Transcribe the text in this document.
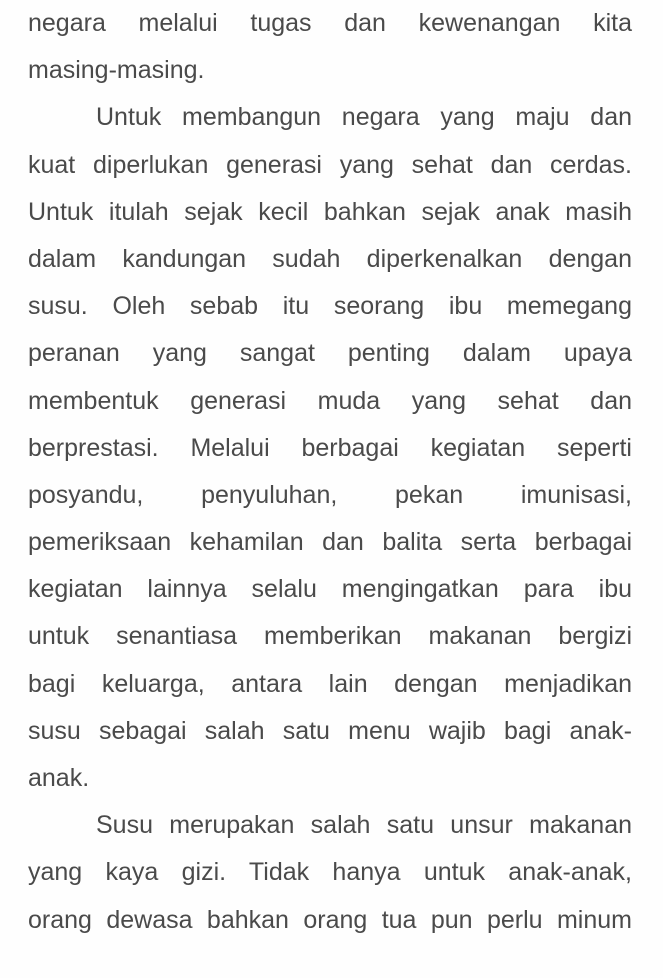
negara melalui tugas dan kewenangan kita
masing-masing.
Untuk membangun negara yang maju dan
kuat diperlukan generasi yang sehat dan cerdas.
Untuk itulah sejak kecil bahkan sejak anak masih
dalam kandungan sudah diperkenalkan dengan
susu. Oleh sebab itu seorang ibu memegang
peranan yang sangat penting dalam upaya
membentuk generasi muda yang sehat dan
berprestasi. Melalui berbagai kegiatan seperti
posyandu, penyuluhan, pekan imunisasi,
pemeriksaan kehamilan dan balita serta berbagai
kegiatan lainnya selalu mengingatkan para ibu
untuk senantiasa memberikan makanan bergizi
bagi keluarga, antara lain dengan menjadikan
susu sebagai salah satu menu wajib bagi anak-
anak.
Susu merupakan salah satu unsur makanan
yang kaya gizi. Tidak hanya untuk anak-anak,
orang dewasa bahkan orang tua pun perlu minum
